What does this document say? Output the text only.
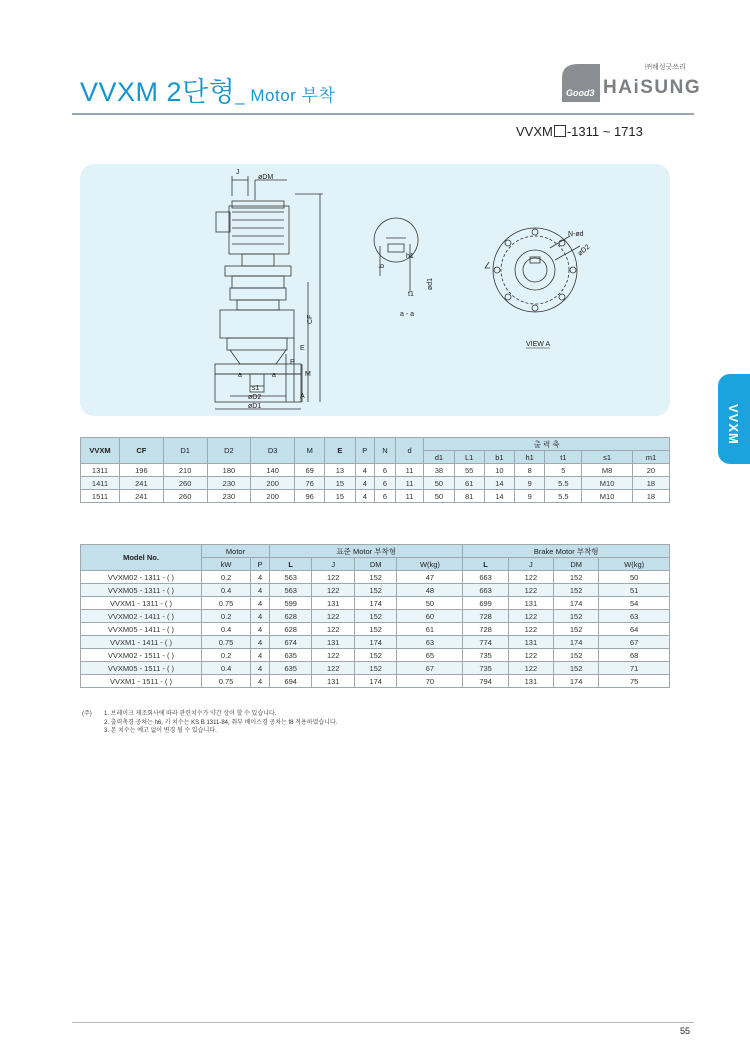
VVXM 2단형_ Motor 부착
㈜해성굿쓰리
HAiSUNG
Good3
VVXM -1311 ~ 1713
VVXM
J
øDM
CF
E
P
M
a	a
s1
øD2
øD1
A
h1
b
t1
ød1
a - a
N-ød
øD2
VIEW A
VVXM	CF	D1	D2	D3	M	E	P	N	d	출 력 축						
										d1	L1	b1	h1	t1	s1	m1
1311	196	210	180	140	69	13	4	6	11	38	55	10	8	5	M8	20
1411	241	260	230	200	76	15	4	6	11	50	61	14	9	5.5	M10	18
1511	241	260	230	200	96	15	4	6	11	50	81	14	9	5.5	M10	18
Model No.	Motor		표준 Motor 부착형				Brake Motor 부착형			
	kW	P	L	J	DM	W(kg)	L	J	DM	W(kg)
VVXM02 - 1311 - ( )	0.2	4	563	122	152	47	663	122	152	50
VVXM05 - 1311 - ( )	0.4	4	563	122	152	48	663	122	152	51
VVXM1 - 1311 - ( )	0.75	4	599	131	174	50	699	131	174	54
VVXM02 - 1411 - ( )	0.2	4	628	122	152	60	728	122	152	63
VVXM05 - 1411 - ( )	0.4	4	628	122	152	61	728	122	152	64
VVXM1 - 1411 - ( )	0.75	4	674	131	174	63	774	131	174	67
VVXM02 - 1511 - ( )	0.2	4	635	122	152	65	735	122	152	68
VVXM05 - 1511 - ( )	0.4	4	635	122	152	67	735	122	152	71
VVXM1 - 1511 - ( )	0.75	4	694	131	174	70	794	131	174	75
(주)	1. 브레이크 제조회사에 따라 관련치수가 약간 상이 할 수 있습니다.
2. 출력축경 공차는 h6, 키 치수는 KS B 1311-84, 취부 베이스경 공차는 f8 적용하였습니다.
3. 본 치수는 예고 없이 변경 될 수 있습니다.
55
